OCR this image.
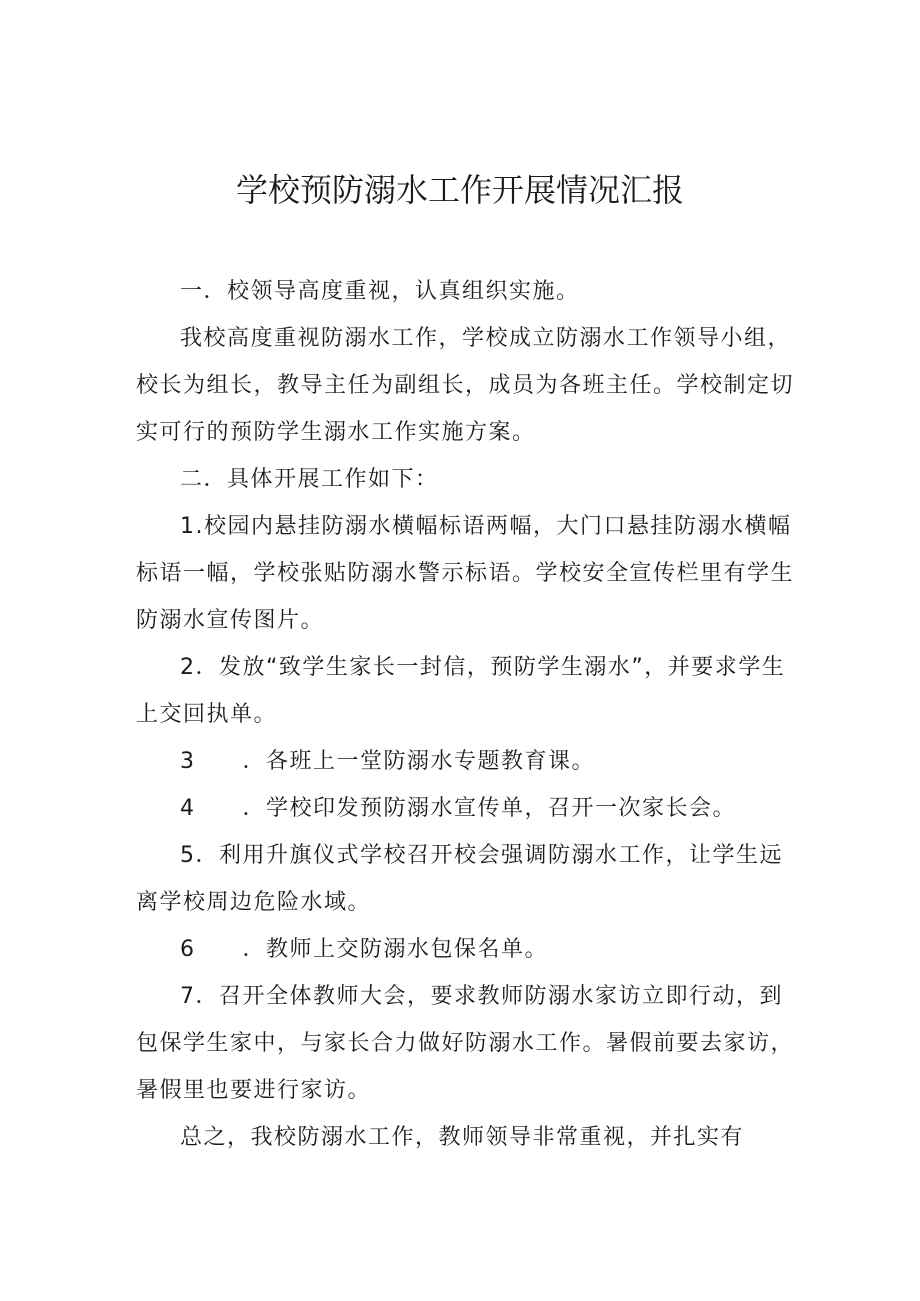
学校预防溺水工作开展情况汇报

一．校领导高度重视，认真组织实施。

我校高度重视防溺水工作，学校成立防溺水工作领导小组，校长为组长，教导主任为副组长，成员为各班主任。学校制定切实可行的预防学生溺水工作实施方案。

二．具体开展工作如下：

1.校园内悬挂防溺水横幅标语两幅，大门口悬挂防溺水横幅标语一幅，学校张贴防溺水警示标语。学校安全宣传栏里有学生防溺水宣传图片。

2．发放“致学生家长一封信，预防学生溺水”，并要求学生上交回执单。

3　　．各班上一堂防溺水专题教育课。

4　　．学校印发预防溺水宣传单，召开一次家长会。

5．利用升旗仪式学校召开校会强调防溺水工作，让学生远离学校周边危险水域。

6　　．教师上交防溺水包保名单。

7．召开全体教师大会，要求教师防溺水家访立即行动，到包保学生家中，与家长合力做好防溺水工作。暑假前要去家访，暑假里也要进行家访。

总之，我校防溺水工作，教师领导非常重视，并扎实有
